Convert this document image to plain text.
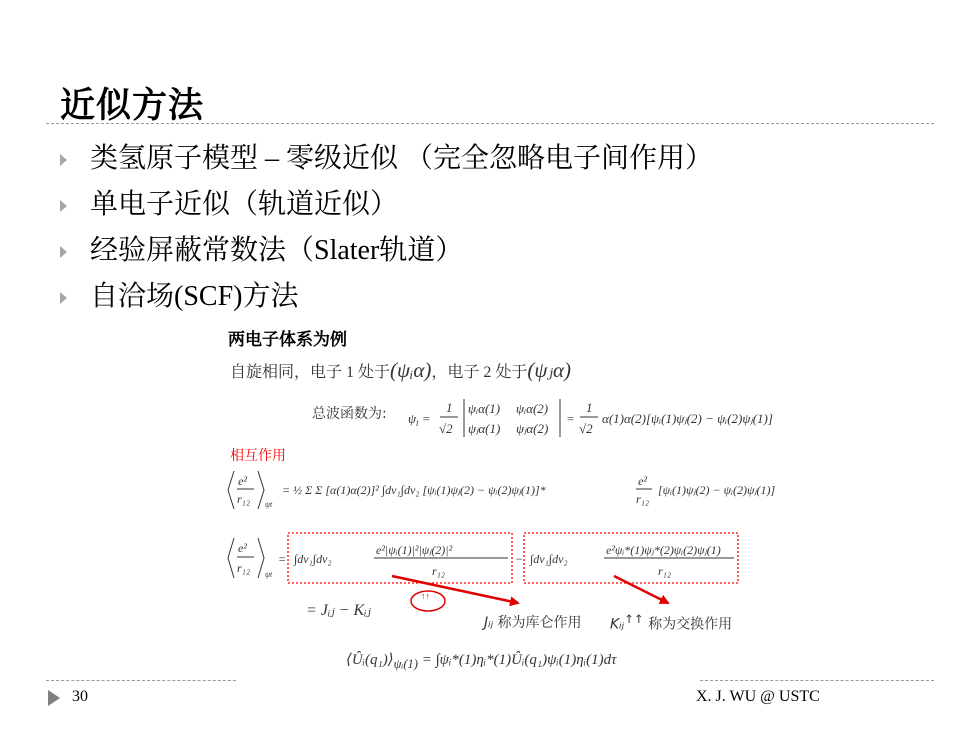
近似方法
类氢原子模型 – 零级近似 （完全忽略电子间作用）
单电子近似（轨道近似）
经验屏蔽常数法（Slater轨道）
自洽场(SCF)方法
两电子体系为例
自旋相同，电子 1 处于(ψᵢα)，电子 2 处于(ψⱼα)
总波函数为: $\psi_t$ =
1
√2
ψᵢα(1) ψᵢα(2)
ψⱼα(1) ψⱼα(2)
=
1
√2
α(1)α(2)[ψᵢ(1)ψⱼ(2) − ψᵢ(2)ψⱼ(1)]
相互作用
e²
r₁₂ ψt
= ½ Σ Σ [α(1)α(2)]² ∫dv₁∫dv₂ [ψᵢ(1)ψⱼ(2) − ψᵢ(2)ψⱼ(1)]*
e²
r₁₂
[ψᵢ(1)ψⱼ(2) − ψᵢ(2)ψⱼ(1)]
e²
r₁₂ ψt
= ∫dv₁∫dv₂
e²|ψᵢ(1)|²|ψⱼ(2)|²
r₁₂
− ∫dv₁∫dv₂
e²ψᵢ*(1)ψⱼ*(2)ψᵢ(2)ψⱼ(1)
r₁₂
= Jᵢⱼ − Kᵢⱼ
Jᵢⱼ 称为库仑作用 Kᵢⱼ↑↑ 称为交换作用
↑↑
$⟨Ûᵢ(q_1)⟩_{\psi ᵢ(1)}$ = ∫ψᵢ*(1)ηᵢ*(1)Ûᵢ(q₁)ψᵢ(1)ηᵢ(1)dτ
30	X. J. WU @ USTC
